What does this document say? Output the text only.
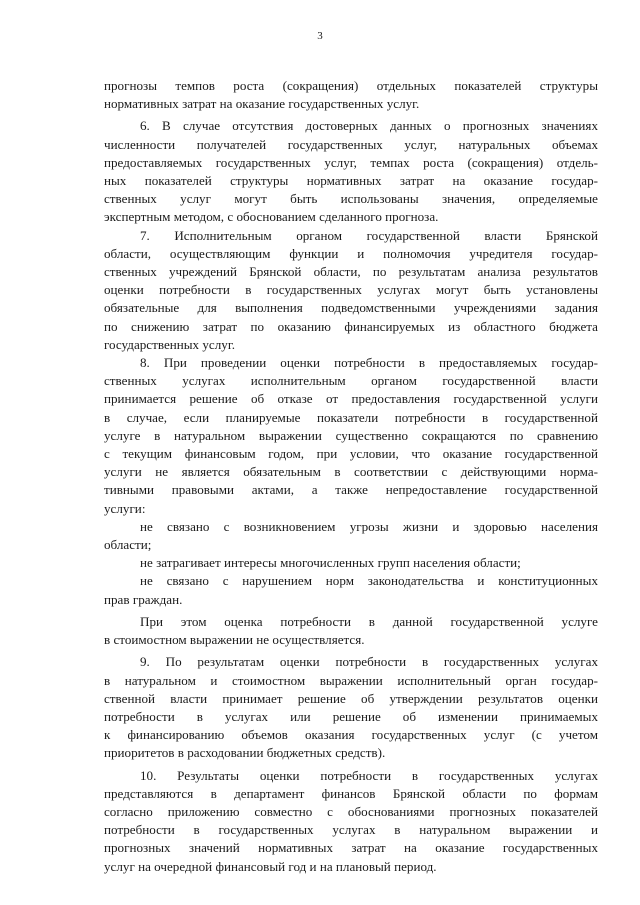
3
прогнозы темпов роста (сокращения) отдельных показателей структуры
нормативных затрат на оказание государственных услуг.
6. В случае отсутствия достоверных данных о прогнозных значениях
численности получателей государственных услуг, натуральных объемах
предоставляемых государственных услуг, темпах роста (сокращения) отдель-
ных показателей структуры нормативных затрат на оказание государ-
ственных услуг могут быть использованы значения, определяемые
экспертным методом, с обоснованием сделанного прогноза.
7. Исполнительным органом государственной власти Брянской
области, осуществляющим функции и полномочия учредителя государ-
ственных учреждений Брянской области, по результатам анализа результатов
оценки потребности в государственных услугах могут быть установлены
обязательные для выполнения подведомственными учреждениями задания
по снижению затрат по оказанию финансируемых из областного бюджета
государственных услуг.
8. При проведении оценки потребности в предоставляемых государ-
ственных услугах исполнительным органом государственной власти
принимается решение об отказе от предоставления государственной услуги
в случае, если планируемые показатели потребности в государственной
услуге в натуральном выражении существенно сокращаются по сравнению
с текущим финансовым годом, при условии, что оказание государственной
услуги не является обязательным в соответствии с действующими норма-
тивными правовыми актами, а также непредоставление государственной
услуги:
не связано с возникновением угрозы жизни и здоровью населения
области;
не затрагивает интересы многочисленных групп населения области;
не связано с нарушением норм законодательства и конституционных
прав граждан.
При этом оценка потребности в данной государственной услуге
в стоимостном выражении не осуществляется.
9. По результатам оценки потребности в государственных услугах
в натуральном и стоимостном выражении исполнительный орган государ-
ственной власти принимает решение об утверждении результатов оценки
потребности в услугах или решение об изменении принимаемых
к финансированию объемов оказания государственных услуг (с учетом
приоритетов в расходовании бюджетных средств).
10. Результаты оценки потребности в государственных услугах
представляются в департамент финансов Брянской области по формам
согласно приложению совместно с обоснованиями прогнозных показателей
потребности в государственных услугах в натуральном выражении и
прогнозных значений нормативных затрат на оказание государственных
услуг на очередной финансовый год и на плановый период.
